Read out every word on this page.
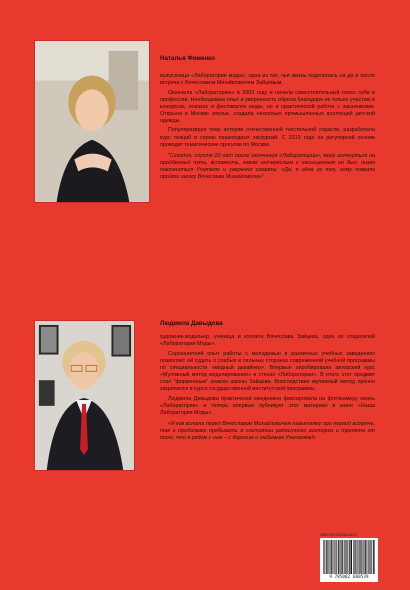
Наталья Фоменко

выпускница «Лаборатории моды», одна из тех, чья жизнь поделилась на до и после встречи с Вячеславом Михайловичем Зайцевым.

Окончила «Лабораторию» в 2003 году и начала самостоятельный поиск себя в профессии. Необходимые опыт и уверенность обрела благодаря не только участию в конкурсах, показах и фестивалях моды, но и практической работе с заказчиками. Открыла в Москве ателье, создала несколько промышленных коллекций детской одежды.

Популяризируя тему истории отечественной текстильной отрасли, разработала курс лекций и серию пешеходных экскурсий. С 2015 года на регулярной основе проводит тематические прогулки по Москве.

"Сегодня, спустя 20 лет после окончания «Лаборатории», могу оглянуться на пройденный путь, вспомнить, каким интересным и насыщенным он был, низко поклониться Учителю и уверенно сказать: «Да, я одна из тех, кому повезло пройти школу Вячеслава Михайловича»".

Людмила Давыдова

художник-модельер, ученица и коллега Вячеслава Зайцева, один из создателей «Лаборатории Моды».

Сорокалетний опыт работы с молодежью в различных учебных заведениях позволяет ей судить о слабых и сильных сторонах современной учебной программы по специальности «модный дизайнер». Впервые апробировала авторский курс «Муляжный метод моделирования» в стенах «Лаборатории». В итоге этот предмет стал "фирменным" знаком школы Зайцева. Впоследствии муляжный метод прочно закрепился в курсе государственной институтской программы.

Людмила Давыдова практически ежедневно фиксировала на фотокамеру жизнь «Лаборатории» и теперь впервые публикует этот материал в книге «Наша Лаборатория Моды».

«Я как встала перед Вячеславом Михайловичем навытяжку при первой встрече, так и продолжаю пребывать в состоянии радостного восторга и трепета от того, что я рядом с ним – с дорогим и любимым Учителем!»

ISBN 978-5-00260-053-9
9 785002 600539
